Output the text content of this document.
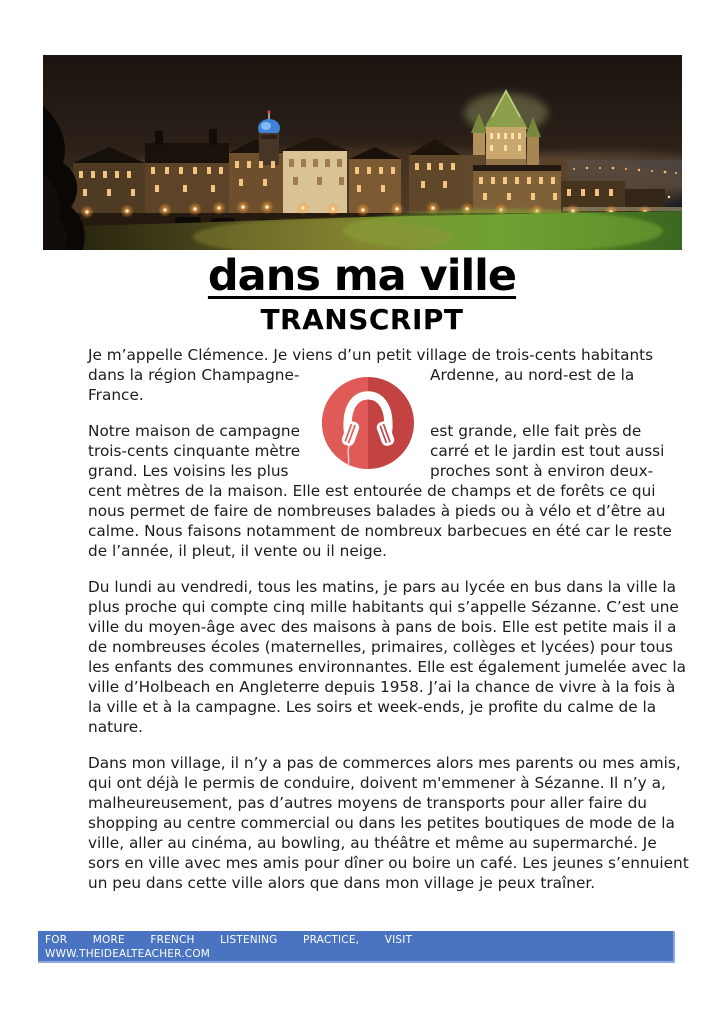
dans ma ville
TRANSCRIPT
Je m’appelle Clémence. Je viens d’un petit village de trois-cents habitants
dans la région Champagne-	Ardenne, au nord-est de la
France.
Notre maison de campagne	est grande, elle fait près de
trois-cents cinquante mètre	carré et le jardin est tout aussi
grand. Les voisins les plus	proches sont à environ deux-
cent mètres de la maison. Elle est entourée de champs et de forêts ce qui nous permet de faire de nombreuses balades à pieds ou à vélo et d’être au calme. Nous faisons notamment de nombreux barbecues en été car le reste de l’année, il pleut, il vente ou il neige.
Du lundi au vendredi, tous les matins, je pars au lycée en bus dans la ville la plus proche qui compte cinq mille habitants qui s’appelle Sézanne. C’est une ville du moyen-âge avec des maisons à pans de bois. Elle est petite mais il a de nombreuses écoles (maternelles, primaires, collèges et lycées) pour tous les enfants des communes environnantes. Elle est également jumelée avec la ville d’Holbeach en Angleterre depuis 1958. J’ai la chance de vivre à la fois à la ville et à la campagne. Les soirs et week-ends, je profite du calme de la nature.
Dans mon village, il n’y a pas de commerces alors mes parents ou mes amis, qui ont déjà le permis de conduire, doivent m'emmener à Sézanne. Il n’y a, malheureusement, pas d’autres moyens de transports pour aller faire du shopping au centre commercial ou dans les petites boutiques de mode de la ville, aller au cinéma, au bowling, au théâtre et même au supermarché. Je sors en ville avec mes amis pour dîner ou boire un café. Les jeunes s’ennuient un peu dans cette ville alors que dans mon village je peux traîner.
FOR MORE FRENCH LISTENING PRACTICE, VISIT
WWW.THEIDEALTEACHER.COM
